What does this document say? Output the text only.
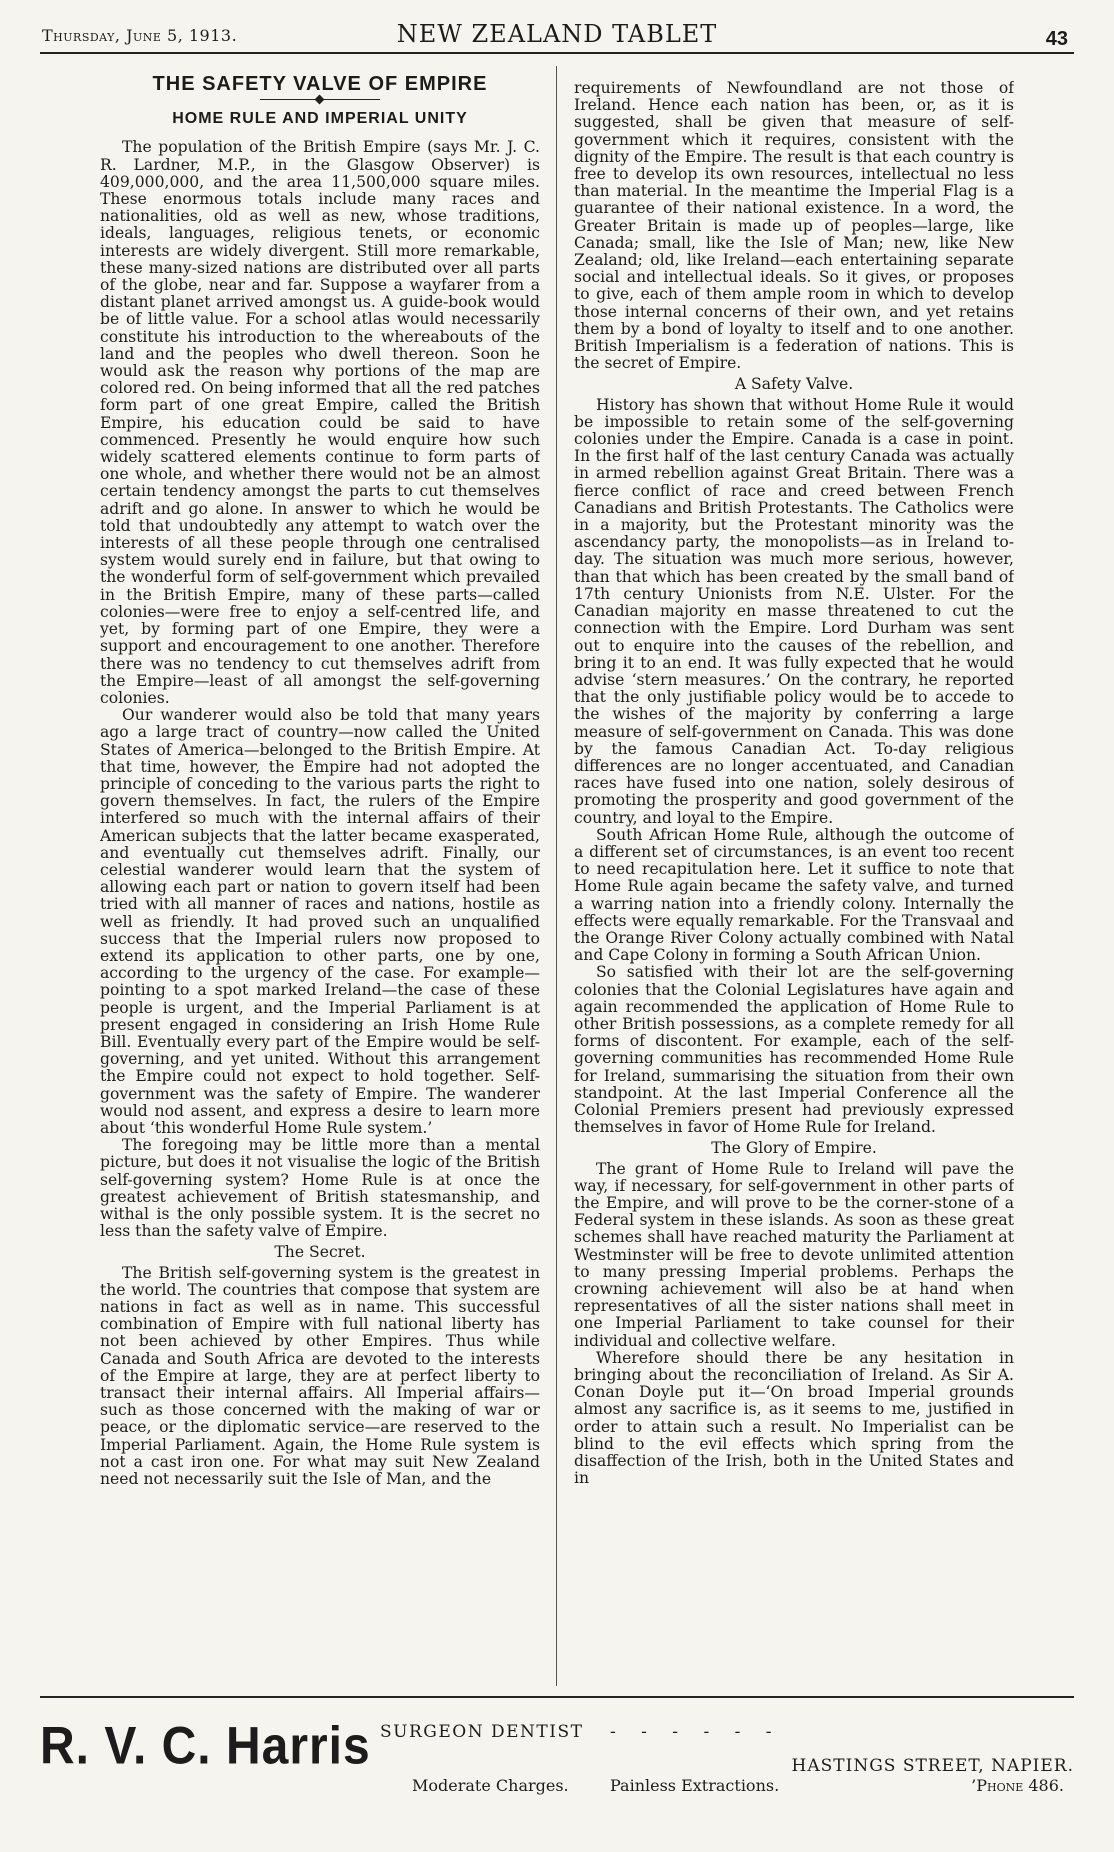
Thursday, June 5, 1913.	NEW ZEALAND TABLET	43
THE SAFETY VALVE OF EMPIRE
HOME RULE AND IMPERIAL UNITY

The population of the British Empire (says Mr. J. C. R. Lardner, M.P., in the Glasgow Observer) is 409,000,000, and the area 11,500,000 square miles. These enormous totals include many races and nationalities, old as well as new, whose traditions, ideals, languages, religious tenets, or economic interests are widely divergent. Still more remarkable, these many-sized nations are distributed over all parts of the globe, near and far. Suppose a wayfarer from a distant planet arrived amongst us. A guide-book would be of little value. For a school atlas would necessarily constitute his introduction to the whereabouts of the land and the peoples who dwell thereon. Soon he would ask the reason why portions of the map are colored red. On being informed that all the red patches form part of one great Empire, called the British Empire, his education could be said to have commenced. Presently he would enquire how such widely scattered elements continue to form parts of one whole, and whether there would not be an almost certain tendency amongst the parts to cut themselves adrift and go alone. In answer to which he would be told that undoubtedly any attempt to watch over the interests of all these people through one centralised system would surely end in failure, but that owing to the wonderful form of self-government which prevailed in the British Empire, many of these parts—called colonies—were free to enjoy a self-centred life, and yet, by forming part of one Empire, they were a support and encouragement to one another. Therefore there was no tendency to cut themselves adrift from the Empire—least of all amongst the self-governing colonies.

Our wanderer would also be told that many years ago a large tract of country—now called the United States of America—belonged to the British Empire. At that time, however, the Empire had not adopted the principle of conceding to the various parts the right to govern themselves. In fact, the rulers of the Empire interfered so much with the internal affairs of their American subjects that the latter became exasperated, and eventually cut themselves adrift. Finally, our celestial wanderer would learn that the system of allowing each part or nation to govern itself had been tried with all manner of races and nations, hostile as well as friendly. It had proved such an unqualified success that the Imperial rulers now proposed to extend its application to other parts, one by one, according to the urgency of the case. For example—pointing to a spot marked Ireland—the case of these people is urgent, and the Imperial Parliament is at present engaged in considering an Irish Home Rule Bill. Eventually every part of the Empire would be self-governing, and yet united. Without this arrangement the Empire could not expect to hold together. Self-government was the safety of Empire. The wanderer would nod assent, and express a desire to learn more about ‘this wonderful Home Rule system.’

The foregoing may be little more than a mental picture, but does it not visualise the logic of the British self-governing system? Home Rule is at once the greatest achievement of British statesmanship, and withal is the only possible system. It is the secret no less than the safety valve of Empire.

The Secret.

The British self-governing system is the greatest in the world. The countries that compose that system are nations in fact as well as in name. This successful combination of Empire with full national liberty has not been achieved by other Empires. Thus while Canada and South Africa are devoted to the interests of the Empire at large, they are at perfect liberty to transact their internal affairs. All Imperial affairs—such as those concerned with the making of war or peace, or the diplomatic service—are reserved to the Imperial Parliament. Again, the Home Rule system is not a cast iron one. For what may suit New Zealand need not necessarily suit the Isle of Man, and the

requirements of Newfoundland are not those of Ireland. Hence each nation has been, or, as it is suggested, shall be given that measure of self-government which it requires, consistent with the dignity of the Empire. The result is that each country is free to develop its own resources, intellectual no less than material. In the meantime the Imperial Flag is a guarantee of their national existence. In a word, the Greater Britain is made up of peoples—large, like Canada; small, like the Isle of Man; new, like New Zealand; old, like Ireland—each entertaining separate social and intellectual ideals. So it gives, or proposes to give, each of them ample room in which to develop those internal concerns of their own, and yet retains them by a bond of loyalty to itself and to one another. British Imperialism is a federation of nations. This is the secret of Empire.

A Safety Valve.

History has shown that without Home Rule it would be impossible to retain some of the self-governing colonies under the Empire. Canada is a case in point. In the first half of the last century Canada was actually in armed rebellion against Great Britain. There was a fierce conflict of race and creed between French Canadians and British Protestants. The Catholics were in a majority, but the Protestant minority was the ascendancy party, the monopolists—as in Ireland to-day. The situation was much more serious, however, than that which has been created by the small band of 17th century Unionists from N.E. Ulster. For the Canadian majority en masse threatened to cut the connection with the Empire. Lord Durham was sent out to enquire into the causes of the rebellion, and bring it to an end. It was fully expected that he would advise ‘stern measures.’ On the contrary, he reported that the only justifiable policy would be to accede to the wishes of the majority by conferring a large measure of self-government on Canada. This was done by the famous Canadian Act. To-day religious differences are no longer accentuated, and Canadian races have fused into one nation, solely desirous of promoting the prosperity and good government of the country, and loyal to the Empire.

South African Home Rule, although the outcome of a different set of circumstances, is an event too recent to need recapitulation here. Let it suffice to note that Home Rule again became the safety valve, and turned a warring nation into a friendly colony. Internally the effects were equally remarkable. For the Transvaal and the Orange River Colony actually combined with Natal and Cape Colony in forming a South African Union.

So satisfied with their lot are the self-governing colonies that the Colonial Legislatures have again and again recommended the application of Home Rule to other British possessions, as a complete remedy for all forms of discontent. For example, each of the self-governing communities has recommended Home Rule for Ireland, summarising the situation from their own standpoint. At the last Imperial Conference all the Colonial Premiers present had previously expressed themselves in favor of Home Rule for Ireland.

The Glory of Empire.

The grant of Home Rule to Ireland will pave the way, if necessary, for self-government in other parts of the Empire, and will prove to be the corner-stone of a Federal system in these islands. As soon as these great schemes shall have reached maturity the Parliament at Westminster will be free to devote unlimited attention to many pressing Imperial problems. Perhaps the crowning achievement will also be at hand when representatives of all the sister nations shall meet in one Imperial Parliament to take counsel for their individual and collective welfare.

Wherefore should there be any hesitation in bringing about the reconciliation of Ireland. As Sir A. Conan Doyle put it—‘On broad Imperial grounds almost any sacrifice is, as it seems to me, justified in order to attain such a result. No Imperialist can be blind to the evil effects which spring from the disaffection of the Irish, both in the United States and in

R. V. C. Harris SURGEON DENTIST - - - - - -
HASTINGS STREET, NAPIER.
Moderate Charges.	Painless Extractions.	’Phone 486.
